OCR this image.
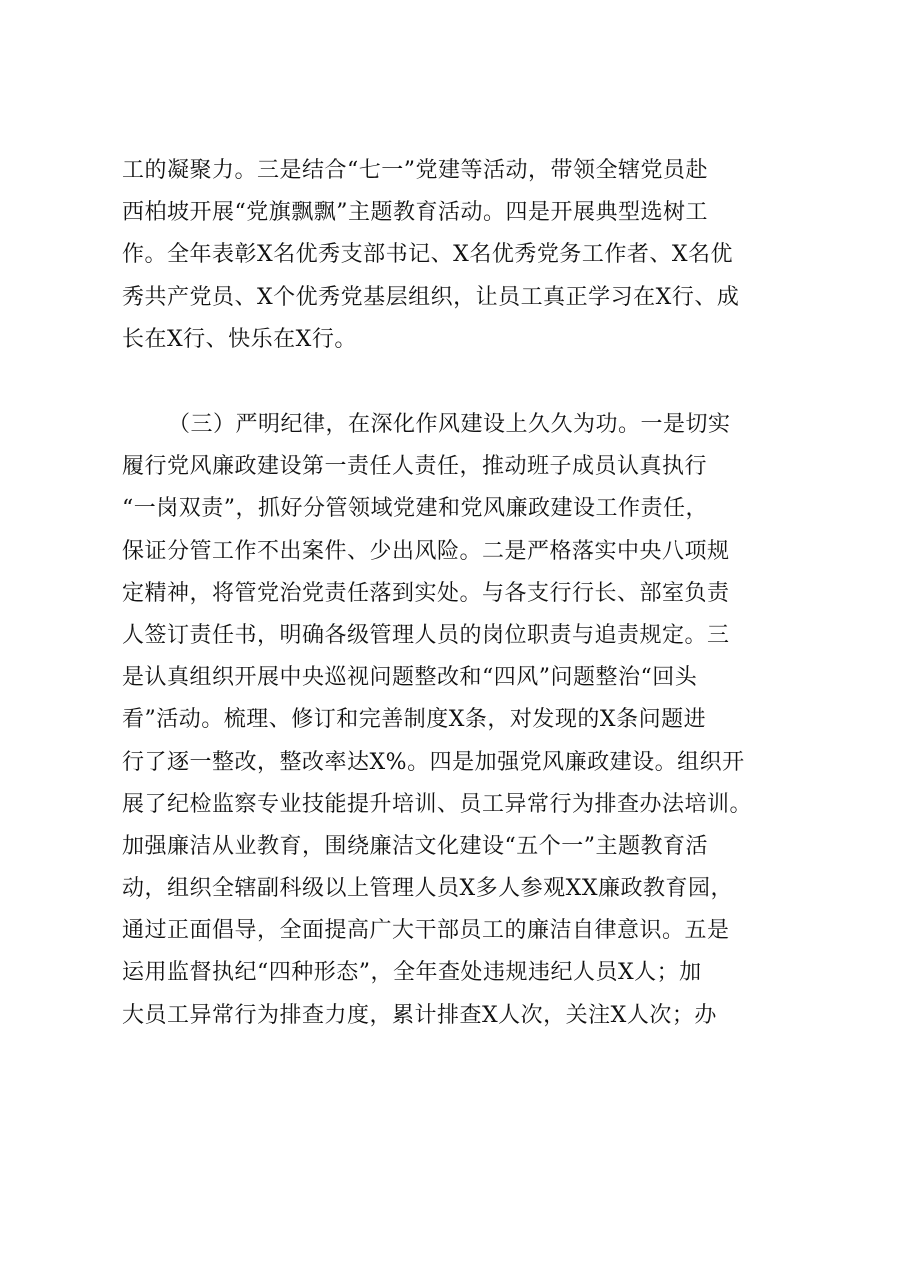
工的凝聚力。三是结合“七一”党建等活动，带领全辖党员赴
西柏坡开展“党旗飘飘”主题教育活动。四是开展典型选树工
作。全年表彰X名优秀支部书记、X名优秀党务工作者、X名优
秀共产党员、X个优秀党基层组织，让员工真正学习在X行、成
长在X行、快乐在X行。
（三）严明纪律，在深化作风建设上久久为功。一是切实
履行党风廉政建设第一责任人责任，推动班子成员认真执行
“一岗双责”，抓好分管领域党建和党风廉政建设工作责任，
保证分管工作不出案件、少出风险。二是严格落实中央八项规
定精神，将管党治党责任落到实处。与各支行行长、部室负责
人签订责任书，明确各级管理人员的岗位职责与追责规定。三
是认真组织开展中央巡视问题整改和“四风”问题整治“回头
看”活动。梳理、修订和完善制度X条，对发现的X条问题进
行了逐一整改，整改率达X%。四是加强党风廉政建设。组织开
展了纪检监察专业技能提升培训、员工异常行为排查办法培训。
加强廉洁从业教育，围绕廉洁文化建设“五个一”主题教育活
动，组织全辖副科级以上管理人员X多人参观XX廉政教育园，
通过正面倡导，全面提高广大干部员工的廉洁自律意识。五是
运用监督执纪“四种形态”，全年查处违规违纪人员X人；加
大员工异常行为排查力度，累计排查X人次，关注X人次；办
